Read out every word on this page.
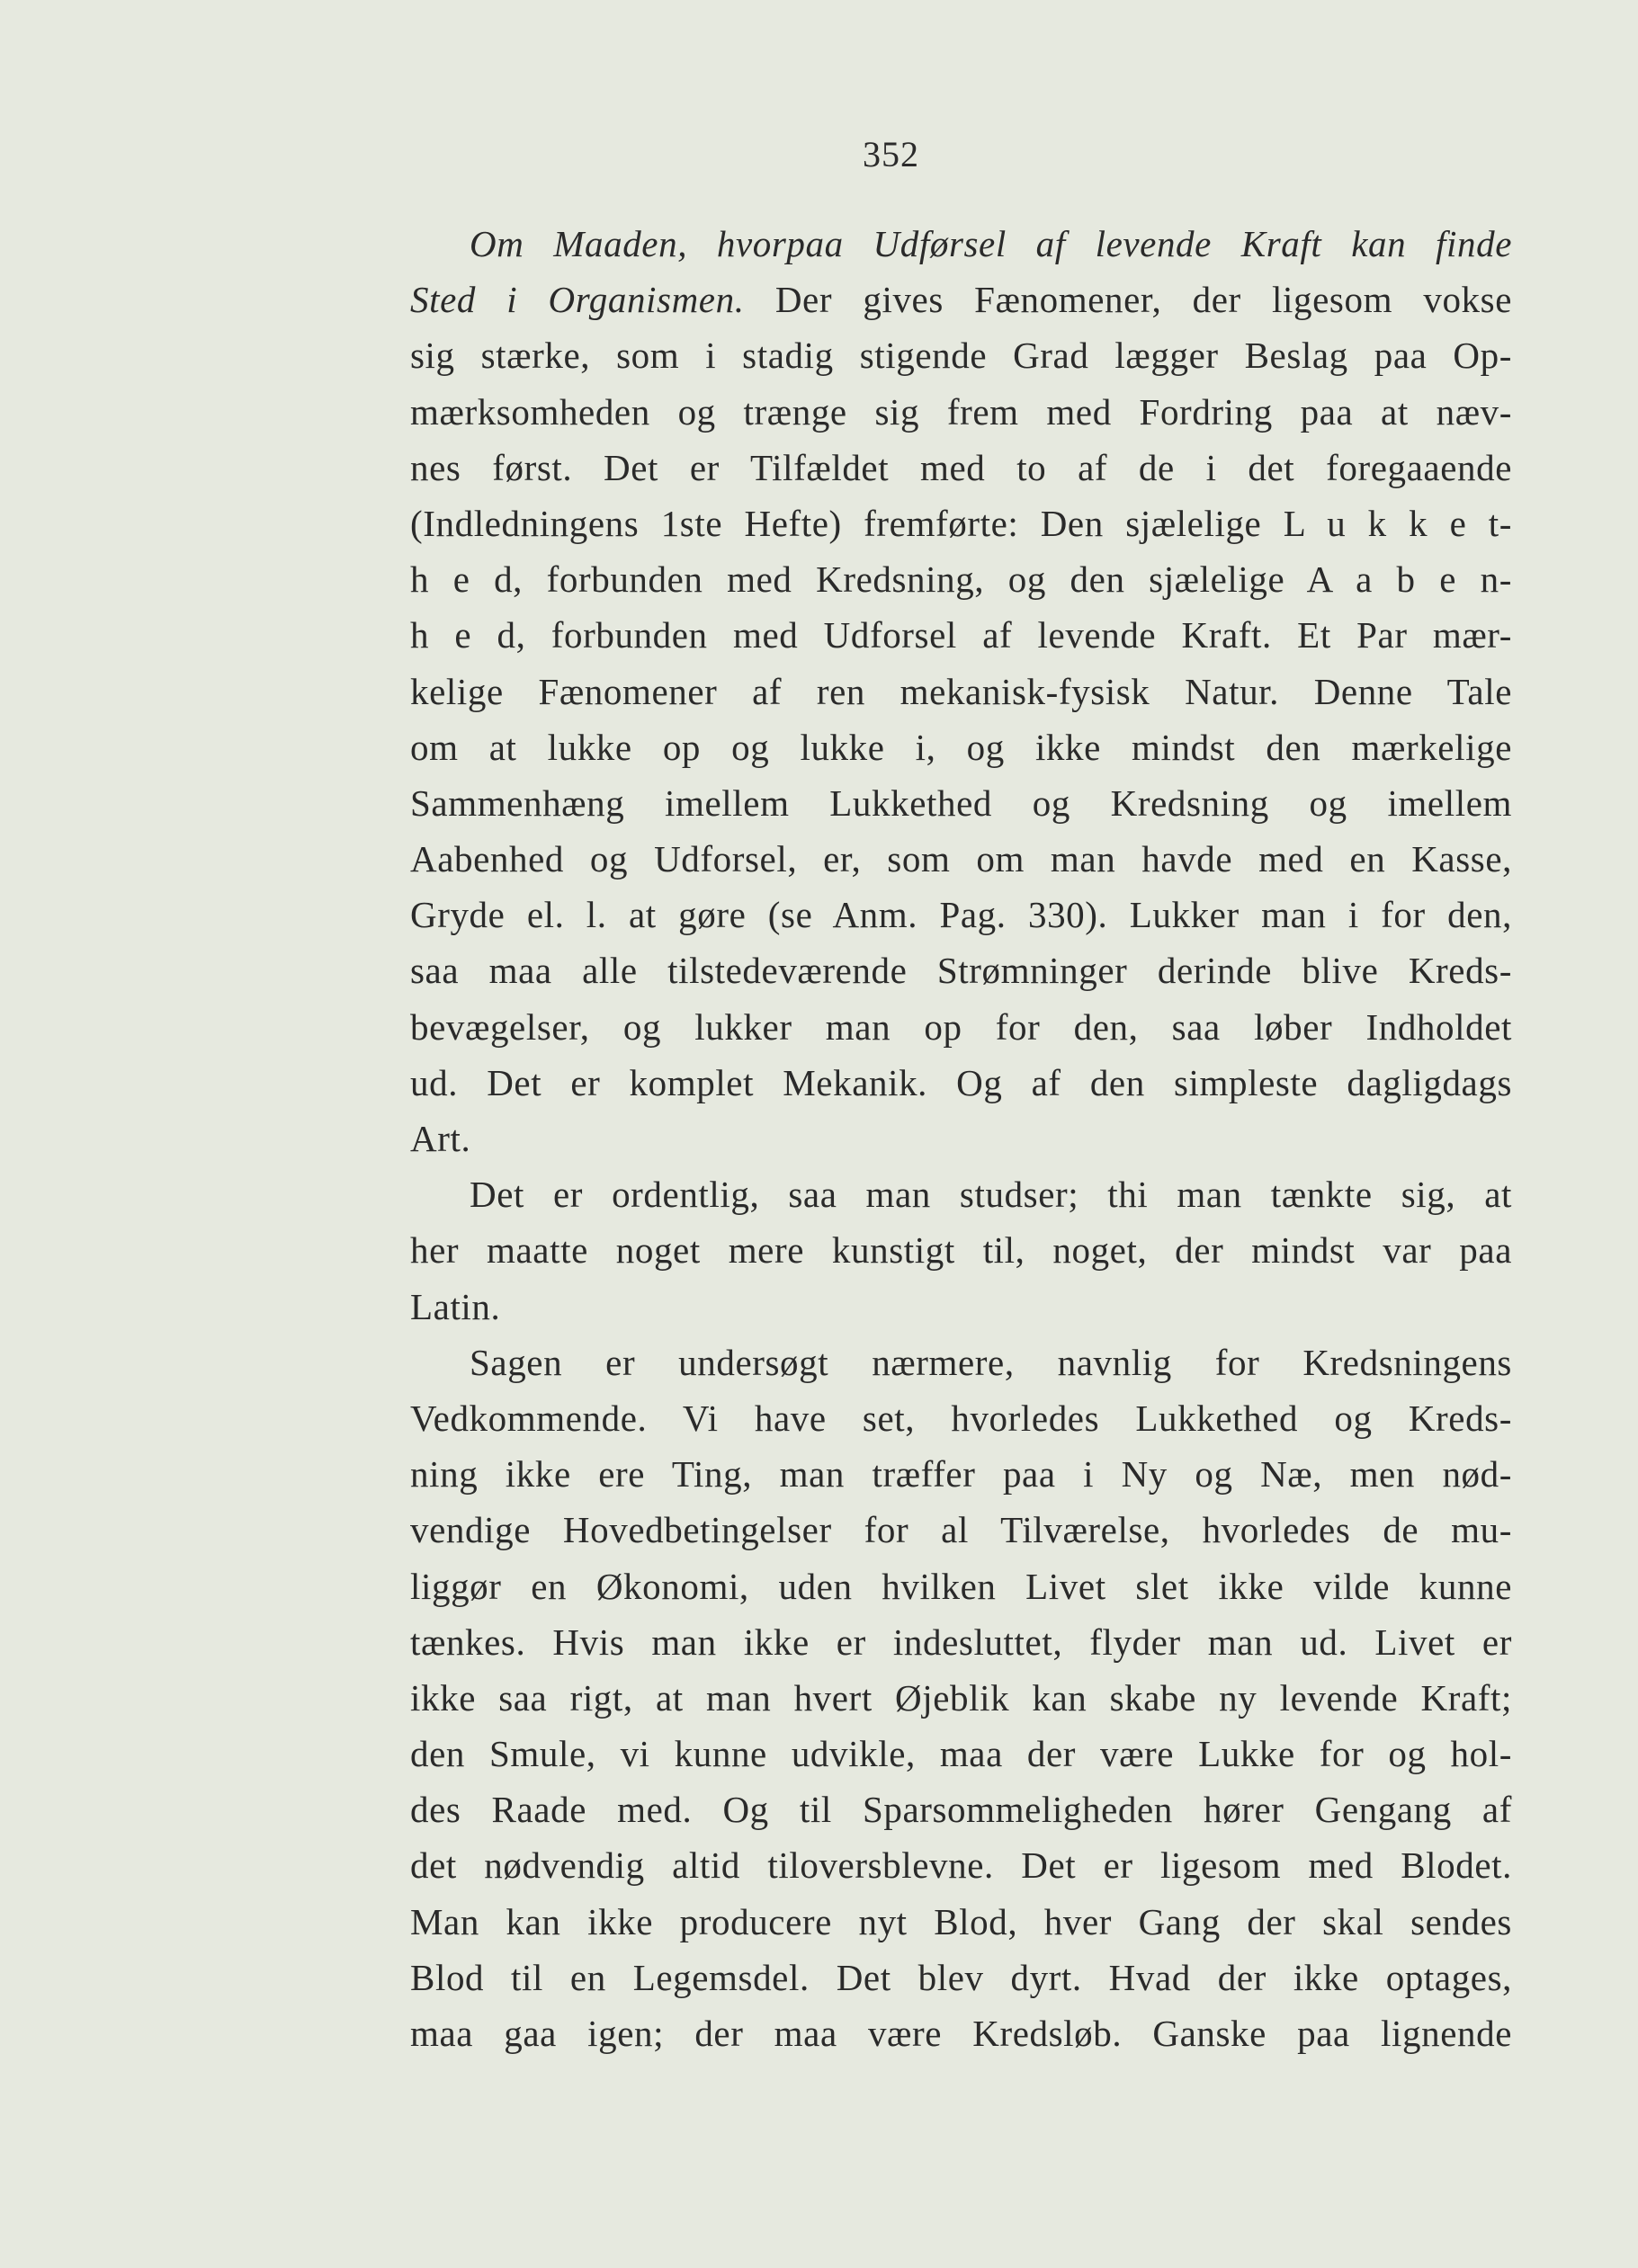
352
Om Maaden, hvorpaa Udførsel af levende Kraft kan finde
Sted i Organismen. Der gives Fænomener, der ligesom vokse
sig stærke, som i stadig stigende Grad lægger Beslag paa Op-
mærksomheden og trænge sig frem med Fordring paa at næv-
nes først. Det er Tilfældet med to af de i det foregaaende
(Indledningens 1ste Hefte) fremførte: Den sjælelige L u k k e t-
h e d, forbunden med Kredsning, og den sjælelige A a b e n-
h e d, forbunden med Udforsel af levende Kraft. Et Par mær-
kelige Fænomener af ren mekanisk-fysisk Natur. Denne Tale
om at lukke op og lukke i, og ikke mindst den mærkelige
Sammenhæng imellem Lukkethed og Kredsning og imellem
Aabenhed og Udforsel, er, som om man havde med en Kasse,
Gryde el. l. at gøre (se Anm. Pag. 330). Lukker man i for den,
saa maa alle tilstedeværende Strømninger derinde blive Kreds-
bevægelser, og lukker man op for den, saa løber Indholdet
ud. Det er komplet Mekanik. Og af den simpleste dagligdags
Art.
Det er ordentlig, saa man studser; thi man tænkte sig, at
her maatte noget mere kunstigt til, noget, der mindst var paa
Latin.
Sagen er undersøgt nærmere, navnlig for Kredsningens
Vedkommende. Vi have set, hvorledes Lukkethed og Kreds-
ning ikke ere Ting, man træffer paa i Ny og Næ, men nød-
vendige Hovedbetingelser for al Tilværelse, hvorledes de mu-
liggør en Økonomi, uden hvilken Livet slet ikke vilde kunne
tænkes. Hvis man ikke er indesluttet, flyder man ud. Livet er
ikke saa rigt, at man hvert Øjeblik kan skabe ny levende Kraft;
den Smule, vi kunne udvikle, maa der være Lukke for og hol-
des Raade med. Og til Sparsommeligheden hører Gengang af
det nødvendig altid tiloversblevne. Det er ligesom med Blodet.
Man kan ikke producere nyt Blod, hver Gang der skal sendes
Blod til en Legemsdel. Det blev dyrt. Hvad der ikke optages,
maa gaa igen; der maa være Kredsløb. Ganske paa lignende
